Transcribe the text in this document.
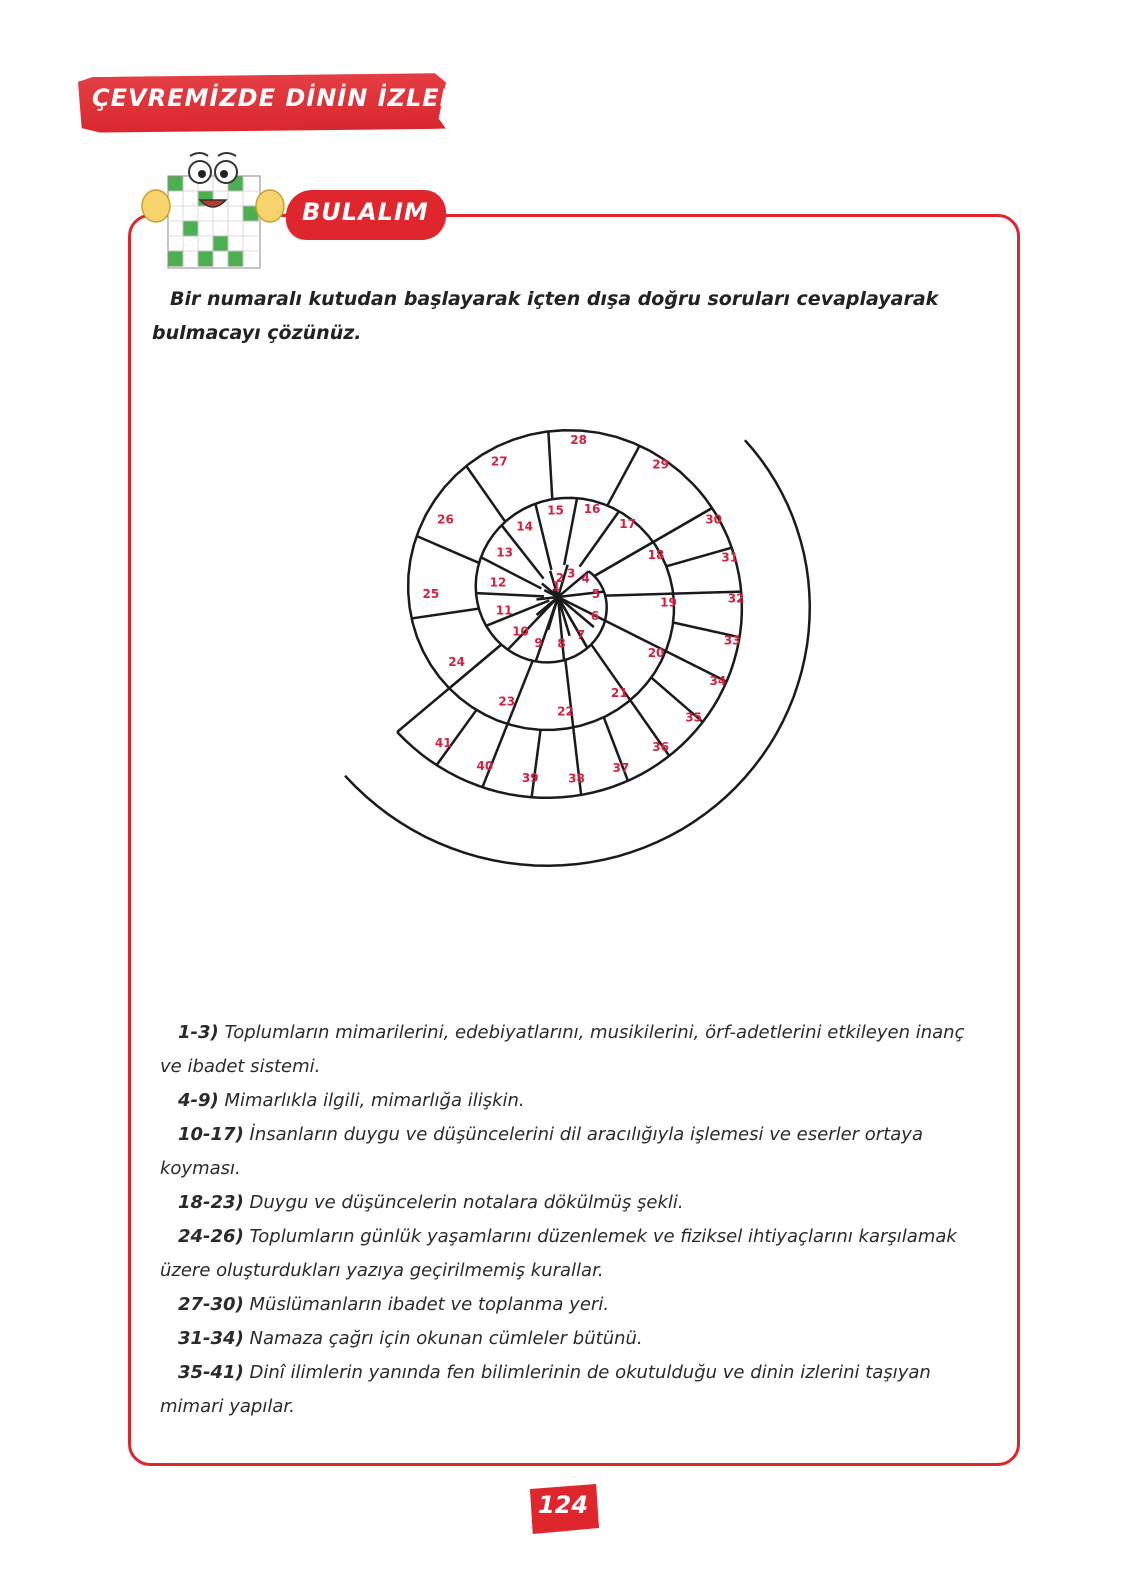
ÇEVREMİZDE DİNİN İZLERİ
BULALIM
Bir numaralı kutudan başlayarak içten dışa doğru soruları cevaplayarak bulmacayı çözünüz.
1
2 3 4
5
6
7
8
9
10
11
12
13
14
15 16
17
18
19
20
21
22
23
24
25
26
27
28
29
30
31
32
33
34
35
36
37
38
39
40
41

1-3) Toplumların mimarilerini, edebiyatlarını, musikilerini, örf-adetlerini etkileyen inanç ve ibadet sistemi.

4-9) Mimarlıkla ilgili, mimarlığa ilişkin.

10-17) İnsanların duygu ve düşüncelerini dil aracılığıyla işlemesi ve eserler ortaya koyması.

18-23) Duygu ve düşüncelerin notalara dökülmüş şekli.

24-26) Toplumların günlük yaşamlarını düzenlemek ve fiziksel ihtiyaçlarını karşılamak üzere oluşturdukları yazıya geçirilmemiş kurallar.

27-30) Müslümanların ibadet ve toplanma yeri.

31-34) Namaza çağrı için okunan cümleler bütünü.

35-41) Dinî ilimlerin yanında fen bilimlerinin de okutulduğu ve dinin izlerini taşıyan mimari yapılar.

124
